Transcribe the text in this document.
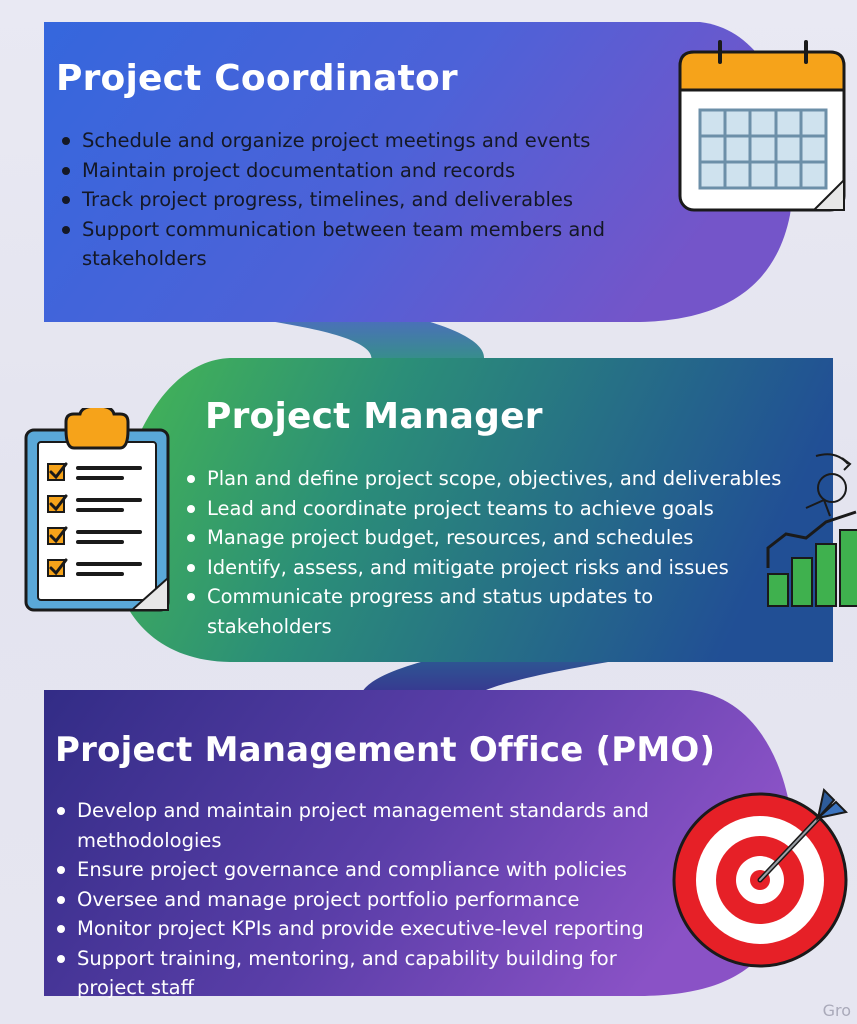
Project Coordinator
Schedule and organize project meetings and events
Maintain project documentation and records
Track project progress, timelines, and deliverables
Support communication between team members and stakeholders
Project Manager
Plan and define project scope, objectives, and deliverables
Lead and coordinate project teams to achieve goals
Manage project budget, resources, and schedules
Identify, assess, and mitigate project risks and issues
Communicate progress and status updates to stakeholders
Project Management Office (PMO)
Develop and maintain project management standards and methodologies
Ensure project governance and compliance with policies
Oversee and manage project portfolio performance
Monitor project KPIs and provide executive-level reporting
Support training, mentoring, and capability building for project staff
Gro
